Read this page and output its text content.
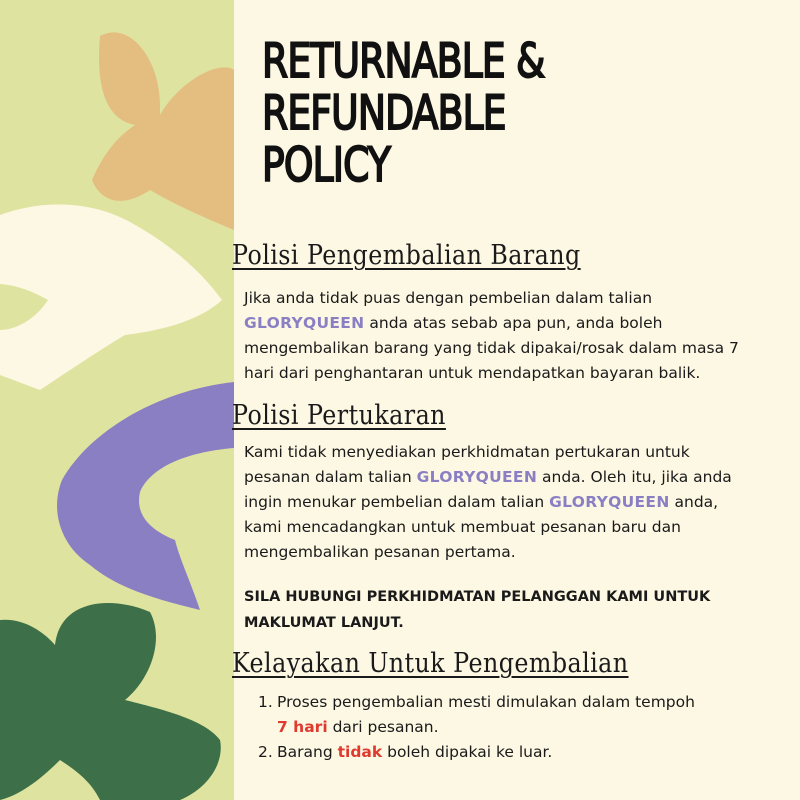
RETURNABLE &
REFUNDABLE
POLICY
Polisi Pengembalian Barang

Jika anda tidak puas dengan pembelian dalam talian
GLORYQUEEN anda atas sebab apa pun, anda boleh
mengembalikan barang yang tidak dipakai/rosak dalam masa 7
hari dari penghantaran untuk mendapatkan bayaran balik.

Polisi Pertukaran

Kami tidak menyediakan perkhidmatan pertukaran untuk
pesanan dalam talian GLORYQUEEN anda. Oleh itu, jika anda
ingin menukar pembelian dalam talian GLORYQUEEN anda,
kami mencadangkan untuk membuat pesanan baru dan
mengembalikan pesanan pertama.

SILA HUBUNGI PERKHIDMATAN PELANGGAN KAMI UNTUK
MAKLUMAT LANJUT.

Kelayakan Untuk Pengembalian
1. Proses pengembalian mesti dimulakan dalam tempoh
7 hari dari pesanan.
2. Barang tidak boleh dipakai ke luar.
